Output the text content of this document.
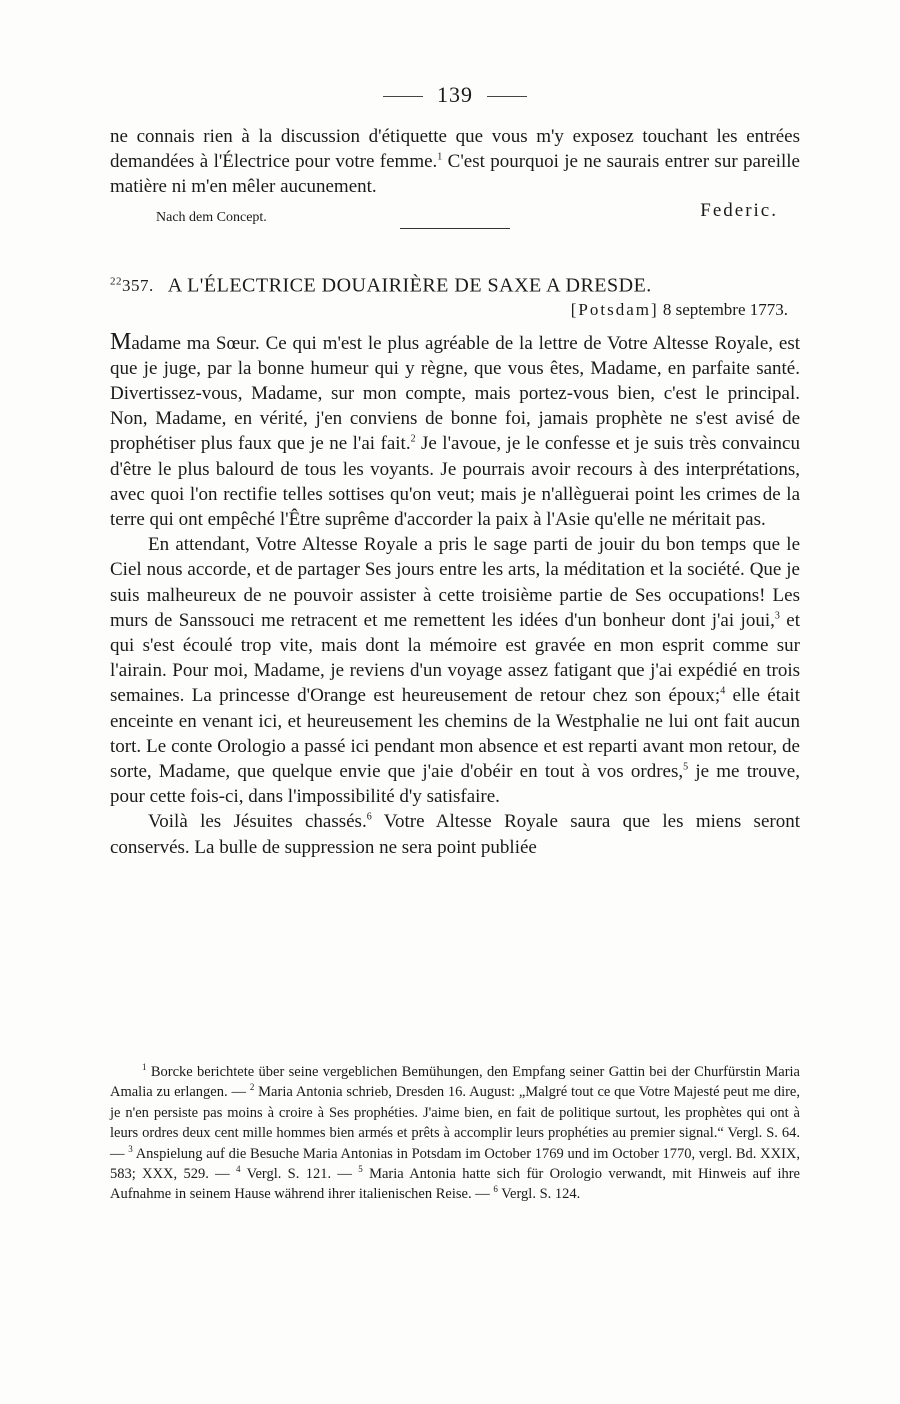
139

ne connais rien à la discussion d'étiquette que vous m'y exposez touchant les entrées demandées à l'Électrice pour votre femme.$^1$ C'est pourquoi je ne saurais entrer sur pareille matière ni m'en mêler aucunement.

Nach dem Concept.	Federic.
$^{22}$357. A L'ÉLECTRICE DOUAIRIÈRE DE SAXE A DRESDE.
[Potsdam] 8 septembre 1773.

Madame ma Sœur. Ce qui m'est le plus agréable de la lettre de Votre Altesse Royale, est que je juge, par la bonne humeur qui y règne, que vous êtes, Madame, en parfaite santé. Divertissez-vous, Madame, sur mon compte, mais portez-vous bien, c'est le principal. Non, Madame, en vérité, j'en conviens de bonne foi, jamais prophète ne s'est avisé de prophétiser plus faux que je ne l'ai fait.$^2$ Je l'avoue, je le confesse et je suis très convaincu d'être le plus balourd de tous les voyants. Je pourrais avoir recours à des interprétations, avec quoi l'on rectifie telles sottises qu'on veut; mais je n'allèguerai point les crimes de la terre qui ont empêché l'Être suprême d'accorder la paix à l'Asie qu'elle ne méritait pas.

En attendant, Votre Altesse Royale a pris le sage parti de jouir du bon temps que le Ciel nous accorde, et de partager Ses jours entre les arts, la méditation et la société. Que je suis malheureux de ne pouvoir assister à cette troisième partie de Ses occupations! Les murs de Sanssouci me retracent et me remettent les idées d'un bonheur dont j'ai joui,$^3$ et qui s'est écoulé trop vite, mais dont la mémoire est gravée en mon esprit comme sur l'airain. Pour moi, Madame, je reviens d'un voyage assez fatigant que j'ai expédié en trois semaines. La princesse d'Orange est heureusement de retour chez son époux;$^4$ elle était enceinte en venant ici, et heureusement les chemins de la Westphalie ne lui ont fait aucun tort. Le conte Orologio a passé ici pendant mon absence et est reparti avant mon retour, de sorte, Madame, que quelque envie que j'aie d'obéir en tout à vos ordres,$^5$ je me trouve, pour cette fois-ci, dans l'impossibilité d'y satisfaire.

Voilà les Jésuites chassés.$^6$ Votre Altesse Royale saura que les miens seront conservés. La bulle de suppression ne sera point publiée

$^1$ Borcke berichtete über seine vergeblichen Bemühungen, den Empfang seiner Gattin bei der Churfürstin Maria Amalia zu erlangen. — $^2$ Maria Antonia schrieb, Dresden 16. August: „Malgré tout ce que Votre Majesté peut me dire, je n'en persiste pas moins à croire à Ses prophéties. J'aime bien, en fait de politique surtout, les prophètes qui ont à leurs ordres deux cent mille hommes bien armés et prêts à accomplir leurs prophéties au premier signal.“ Vergl. S. 64. — $^3$ Anspielung auf die Besuche Maria Antonias in Potsdam im October 1769 und im October 1770, vergl. Bd. XXIX, 583; XXX, 529. — $^4$ Vergl. S. 121. — $^5$ Maria Antonia hatte sich für Orologio verwandt, mit Hinweis auf ihre Aufnahme in seinem Hause während ihrer italienischen Reise. — $^6$ Vergl. S. 124.
